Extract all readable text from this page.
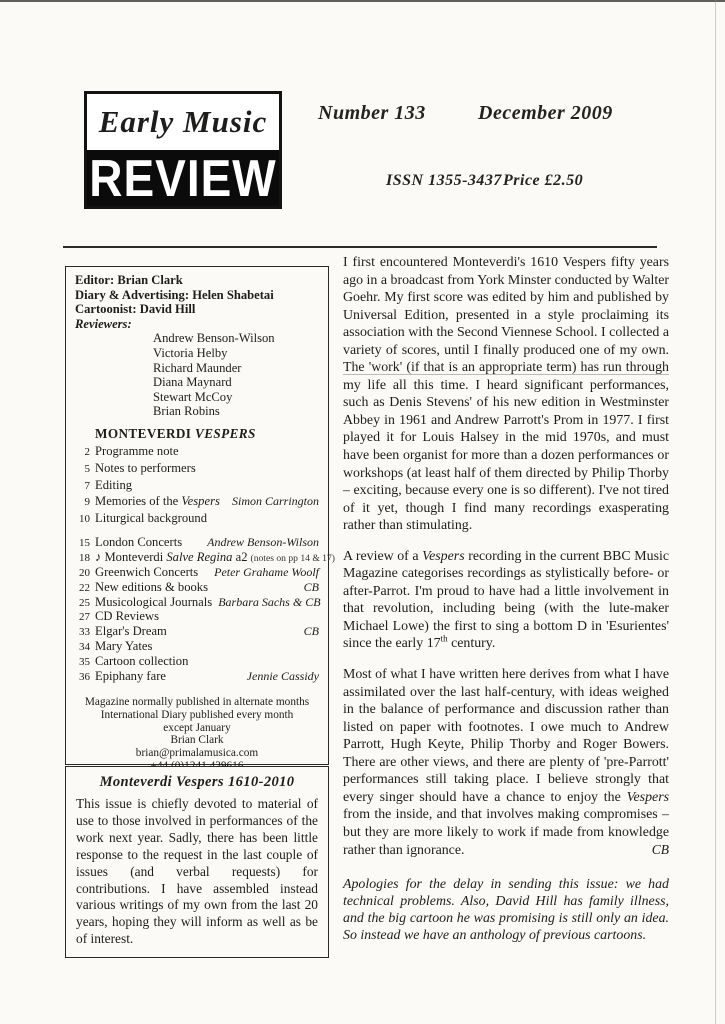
Early Music
REVIEW
Number 133	December 2009
ISSN 1355-3437 Price £2.50
Editor: Brian Clark
Diary & Advertising: Helen Shabetai
Cartoonist: David Hill
Reviewers:
Andrew Benson-Wilson
Victoria Helby
Richard Maunder
Diana Maynard
Stewart McCoy
Brian Robins
MONTEVERDI VESPERS
2 Programme note
5 Notes to performers
7 Editing
9 Memories of the Vespers	Simon Carrington
10 Liturgical background
15 London Concerts	Andrew Benson-Wilson
18 ♪ Monteverdi Salve Regina a2 (notes on pp 14 & 17)
20 Greenwich Concerts	Peter Grahame Woolf
22 New editions & books	CB
25 Musicological Journals Barbara Sachs & CB
27 CD Reviews
33 Elgar's Dream	CB
34 Mary Yates
35 Cartoon collection
36 Epiphany fare	Jennie Cassidy
Magazine normally published in alternate months
International Diary published every month
except January
Brian Clark
brian@primalamusica.com
Monteverdi Vespers 1610-2010

This issue is chiefly devoted to material of use to those involved in performances of the work next year. Sadly, there has been little response to the request in the last couple of issues (and verbal requests) for contributions. I have assembled instead various writings of my own from the last 20 years, hoping they will inform as well as be of interest.

I first encountered Monteverdi's 1610 Vespers fifty years ago in a broadcast from York Minster conducted by Walter Goehr. My first score was edited by him and published by Universal Edition, presented in a style proclaiming its association with the Second Viennese School. I collected a variety of scores, until I finally produced one of my own. The 'work' (if that is an appropriate term) has run through my life all this time. I heard significant performances, such as Denis Stevens' of his new edition in Westminster Abbey in 1961 and Andrew Parrott's Prom in 1977. I first played it for Louis Halsey in the mid 1970s, and must have been organist for more than a dozen performances or workshops (at least half of them directed by Philip Thorby – exciting, because every one is so different). I've not tired of it yet, though I find many recordings exasperating rather than stimulating.

A review of a Vespers recording in the current BBC Music Magazine categorises recordings as stylistically before- or after-Parrot. I'm proud to have had a little involvement in that revolution, including being (with the lute-maker Michael Lowe) the first to sing a bottom D in 'Esurientes' since the early 17th century.

Most of what I have written here derives from what I have assimilated over the last half-century, with ideas weighed in the balance of performance and discussion rather than listed on paper with footnotes. I owe much to Andrew Parrott, Hugh Keyte, Philip Thorby and Roger Bowers. There are other views, and there are plenty of 'pre-Parrott' performances still taking place. I believe strongly that every singer should have a chance to enjoy the Vespers from the inside, and that involves making compromises – but they are more likely to work if made from knowledge rather than ignorance.	CB

Apologies for the delay in sending this issue: we had technical problems. Also, David Hill has family illness, and the big cartoon he was promising is still only an idea. So instead we have an anthology of previous cartoons.
